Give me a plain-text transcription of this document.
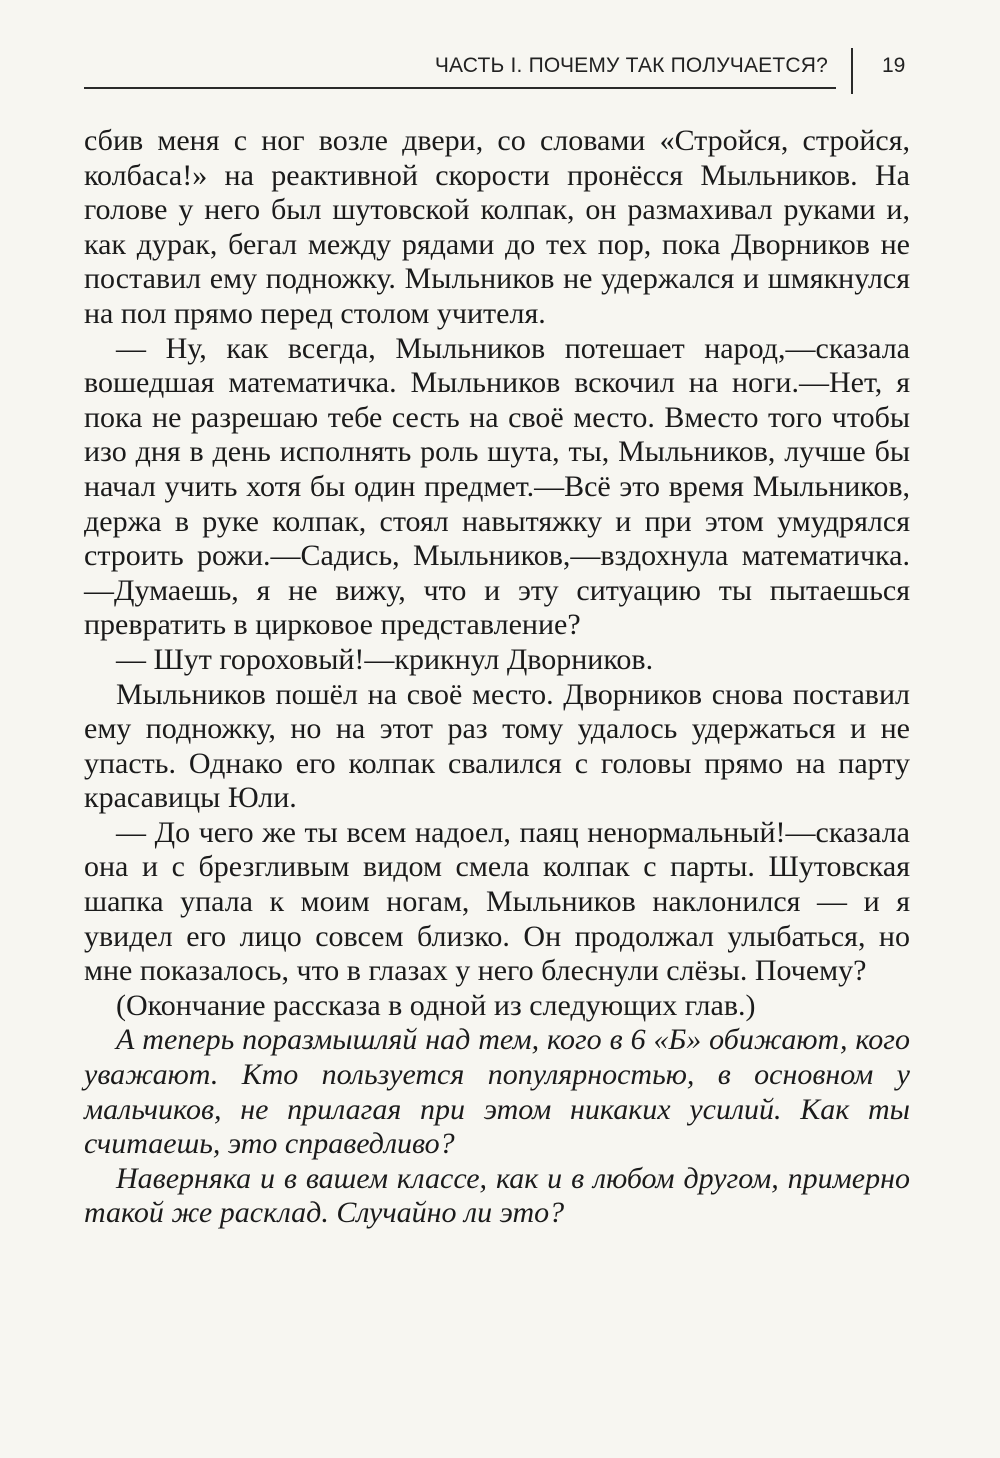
ЧАСТЬ I. ПОЧЕМУ ТАК ПОЛУЧАЕТСЯ?	19

сбив меня с ног возле двери, со словами «Стройся, стройся, колбаса!» на реактивной скорости пронёсся Мыльников. На голове у него был шутовской колпак, он размахивал руками и, как дурак, бегал между рядами до тех пор, пока Дворников не поставил ему подножку. Мыльников не удержался и шмякнулся на пол прямо перед столом учителя.

— Ну, как всегда, Мыльников потешает народ,—сказала вошедшая математичка. Мыльников вскочил на ноги.—Нет, я пока не разрешаю тебе сесть на своё место. Вместо того чтобы изо дня в день исполнять роль шута, ты, Мыльников, лучше бы начал учить хотя бы один предмет.—Всё это время Мыльников, держа в руке колпак, стоял навытяжку и при этом умудрялся строить рожи.—Садись, Мыльников,—вздохнула математичка.—Думаешь, я не вижу, что и эту ситуацию ты пытаешься превратить в цирковое представление?

— Шут гороховый!—крикнул Дворников.

Мыльников пошёл на своё место. Дворников снова поставил ему подножку, но на этот раз тому удалось удержаться и не упасть. Однако его колпак свалился с головы прямо на парту красавицы Юли.

— До чего же ты всем надоел, паяц ненормальный!—сказала она и с брезгливым видом смела колпак с парты. Шутовская шапка упала к моим ногам, Мыльников наклонился — и я увидел его лицо совсем близко. Он продолжал улыбаться, но мне показалось, что в глазах у него блеснули слёзы. Почему?

(Окончание рассказа в одной из следующих глав.)

А теперь поразмышляй над тем, кого в 6 «Б» обижают, кого уважают. Кто пользуется популярностью, в основном у мальчиков, не прилагая при этом никаких усилий. Как ты считаешь, это справедливо?

Наверняка и в вашем классе, как и в любом другом, примерно такой же расклад. Случайно ли это?
